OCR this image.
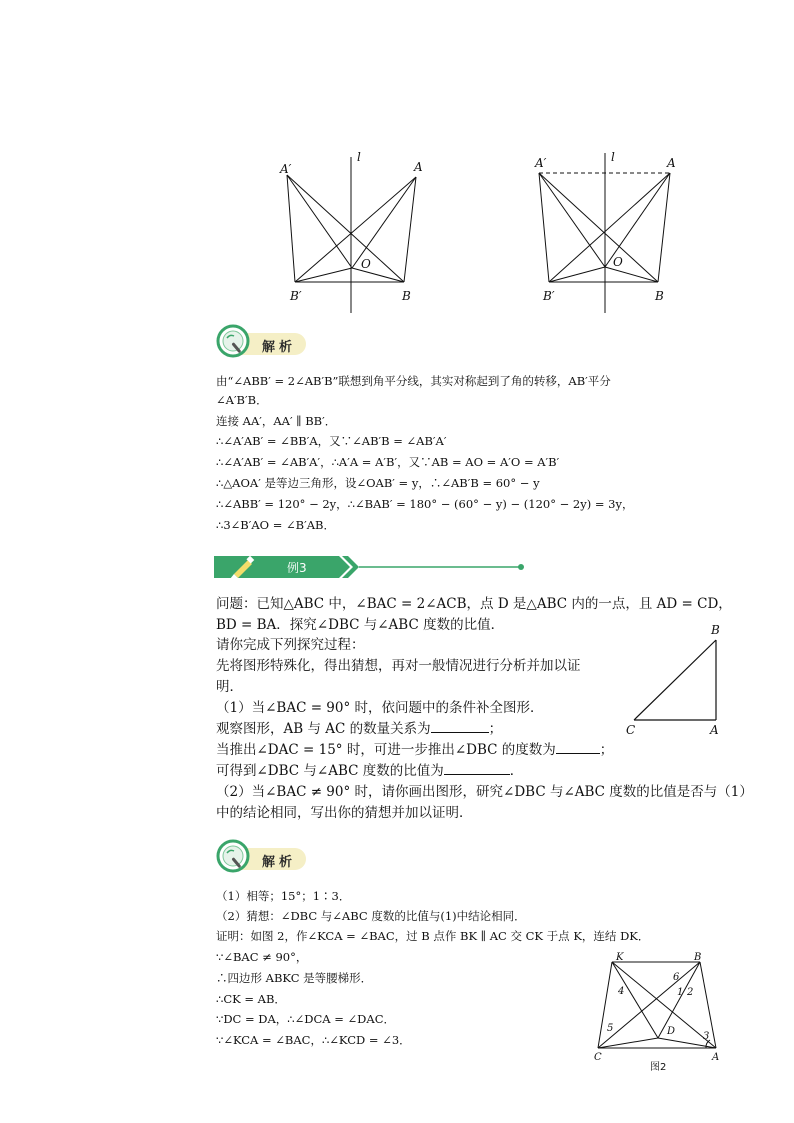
A′
l
A
O
B′	B
A′	l	A
O
B′	B
解析
由“∠ABB′ = 2∠AB′B”联想到角平分线，其实对称起到了角的转移，AB′平分
∠A′B′B．
连接 AA′，AA′ ∥ BB′．
∴∠A′AB′ = ∠BB′A，又∵∠AB′B = ∠AB′A′
∴∠A′AB′ = ∠AB′A′，∴A′A = A′B′，又∵AB = AO = A′O = A′B′
∴△AOA′ 是等边三角形，设∠OAB′ = y，∴∠AB′B = 60° − y
∴∠ABB′ = 120° − 2y，∴∠BAB′ = 180° − (60° − y) − (120° − 2y) = 3y，
∴3∠B′AO = ∠B′AB．
例3
问题：已知△ABC 中，∠BAC = 2∠ACB，点 D 是△ABC 内的一点，且 AD = CD，
BD = BA．探究∠DBC 与∠ABC 度数的比值．
请你完成下列探究过程：
先将图形特殊化，得出猜想，再对一般情况进行分析并加以证
明．
（1）当∠BAC = 90° 时，依问题中的条件补全图形．
观察图形，AB 与 AC 的数量关系为	；
当推出∠DAC = 15° 时，可进一步推出∠DBC 的度数为	；
可得到∠DBC 与∠ABC 度数的比值为	．
（2）当∠BAC ≠ 90° 时，请你画出图形，研究∠DBC 与∠ABC 度数的比值是否与（1）
中的结论相同，写出你的猜想并加以证明．
B
C	A
解析
（1）相等；15°；1∶3．
（2）猜想：∠DBC 与∠ABC 度数的比值与(1)中结论相同．
证明：如图 2，作∠KCA = ∠BAC，过 B 点作 BK ∥ AC 交 CK 于点 K，连结 DK．
∵∠BAC ≠ 90°，
∴四边形 ABKC 是等腰梯形．
∴CK = AB．
∵DC = DA，∴∠DCA = ∠DAC．
∵∠KCA = ∠BAC，∴∠KCD = ∠3．
K	B
6
1 2
4
5	D	3
C	A
图2
